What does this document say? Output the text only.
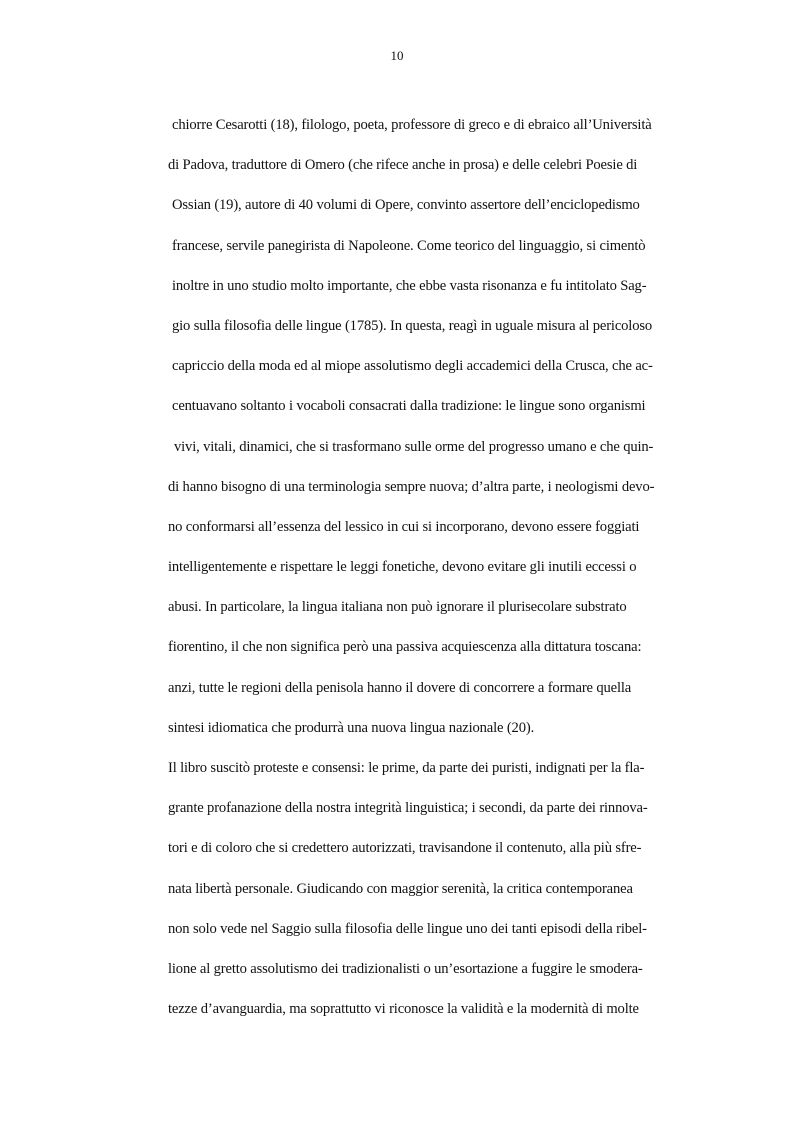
10
chiorre Cesarotti (18), filologo, poeta, professore di greco e di ebraico all’Università
di Padova, traduttore di Omero (che rifece anche in prosa) e delle celebri Poesie di
Ossian (19), autore di 40 volumi di Opere, convinto assertore dell’enciclopedismo
francese, servile panegirista di Napoleone. Come teorico del linguaggio, si cimentò
inoltre in uno studio molto importante, che ebbe vasta risonanza e fu intitolato Sag-
gio sulla filosofia delle lingue (1785). In questa, reagì in uguale misura al pericoloso
capriccio della moda ed al miope assolutismo degli accademici della Crusca, che ac-
centuavano soltanto i vocaboli consacrati dalla tradizione: le lingue sono organismi
vivi, vitali, dinamici, che si trasformano sulle orme del progresso umano e che quin-
di hanno bisogno di una terminologia sempre nuova; d’altra parte, i neologismi devo-
no conformarsi all’essenza del lessico in cui si incorporano, devono essere foggiati
intelligentemente e rispettare le leggi fonetiche, devono evitare gli inutili eccessi o
abusi. In particolare, la lingua italiana non può ignorare il plurisecolare substrato
fiorentino, il che non significa però una passiva acquiescenza alla dittatura toscana:
anzi, tutte le regioni della penisola hanno il dovere di concorrere a formare quella
sintesi idiomatica che produrrà una nuova lingua nazionale (20).
Il libro suscitò proteste e consensi: le prime, da parte dei puristi, indignati per la fla-
grante profanazione della nostra integrità linguistica; i secondi, da parte dei rinnova-
tori e di coloro che si credettero autorizzati, travisandone il contenuto, alla più sfre-
nata libertà personale. Giudicando con maggior serenità, la critica contemporanea
non solo vede nel Saggio sulla filosofia delle lingue uno dei tanti episodi della ribel-
lione al gretto assolutismo dei tradizionalisti o un’esortazione a fuggire le smodera-
tezze d’avanguardia, ma soprattutto vi riconosce la validità e la modernità di molte
